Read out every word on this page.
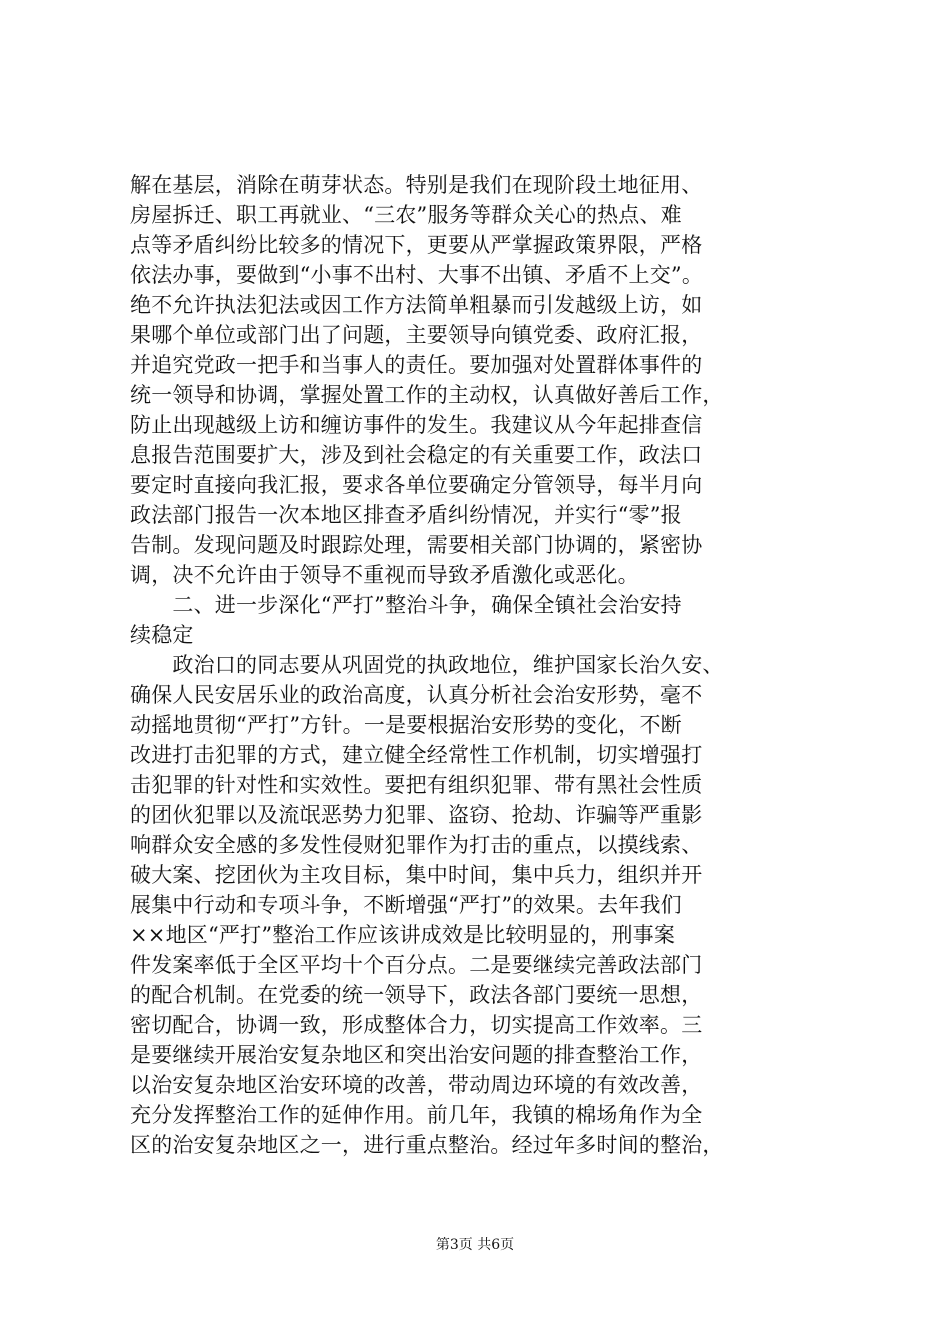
解在基层，消除在萌芽状态。特别是我们在现阶段土地征用、
房屋拆迁、职工再就业、“三农”服务等群众关心的热点、难
点等矛盾纠纷比较多的情况下，更要从严掌握政策界限，严格
依法办事，要做到“小事不出村、大事不出镇、矛盾不上交”。
绝不允许执法犯法或因工作方法简单粗暴而引发越级上访，如
果哪个单位或部门出了问题，主要领导向镇党委、政府汇报，
并追究党政一把手和当事人的责任。要加强对处置群体事件的
统一领导和协调，掌握处置工作的主动权，认真做好善后工作，
防止出现越级上访和缠访事件的发生。我建议从今年起排查信
息报告范围要扩大，涉及到社会稳定的有关重要工作，政法口
要定时直接向我汇报，要求各单位要确定分管领导，每半月向
政法部门报告一次本地区排查矛盾纠纷情况，并实行“零”报
告制。发现问题及时跟踪处理，需要相关部门协调的，紧密协
调，决不允许由于领导不重视而导致矛盾激化或恶化。
　　二、进一步深化“严打”整治斗争，确保全镇社会治安持
续稳定
　　政治口的同志要从巩固党的执政地位，维护国家长治久安、
确保人民安居乐业的政治高度，认真分析社会治安形势，毫不
动摇地贯彻“严打”方针。一是要根据治安形势的变化，不断
改进打击犯罪的方式，建立健全经常性工作机制，切实增强打
击犯罪的针对性和实效性。要把有组织犯罪、带有黑社会性质
的团伙犯罪以及流氓恶势力犯罪、盗窃、抢劫、诈骗等严重影
响群众安全感的多发性侵财犯罪作为打击的重点，以摸线索、
破大案、挖团伙为主攻目标，集中时间，集中兵力，组织并开
展集中行动和专项斗争，不断增强“严打”的效果。去年我们
××地区“严打”整治工作应该讲成效是比较明显的，刑事案
件发案率低于全区平均十个百分点。二是要继续完善政法部门
的配合机制。在党委的统一领导下，政法各部门要统一思想，
密切配合，协调一致，形成整体合力，切实提高工作效率。三
是要继续开展治安复杂地区和突出治安问题的排查整治工作，
以治安复杂地区治安环境的改善，带动周边环境的有效改善，
充分发挥整治工作的延伸作用。前几年，我镇的棉场角作为全
区的治安复杂地区之一，进行重点整治。经过年多时间的整治，
第3页 共6页
